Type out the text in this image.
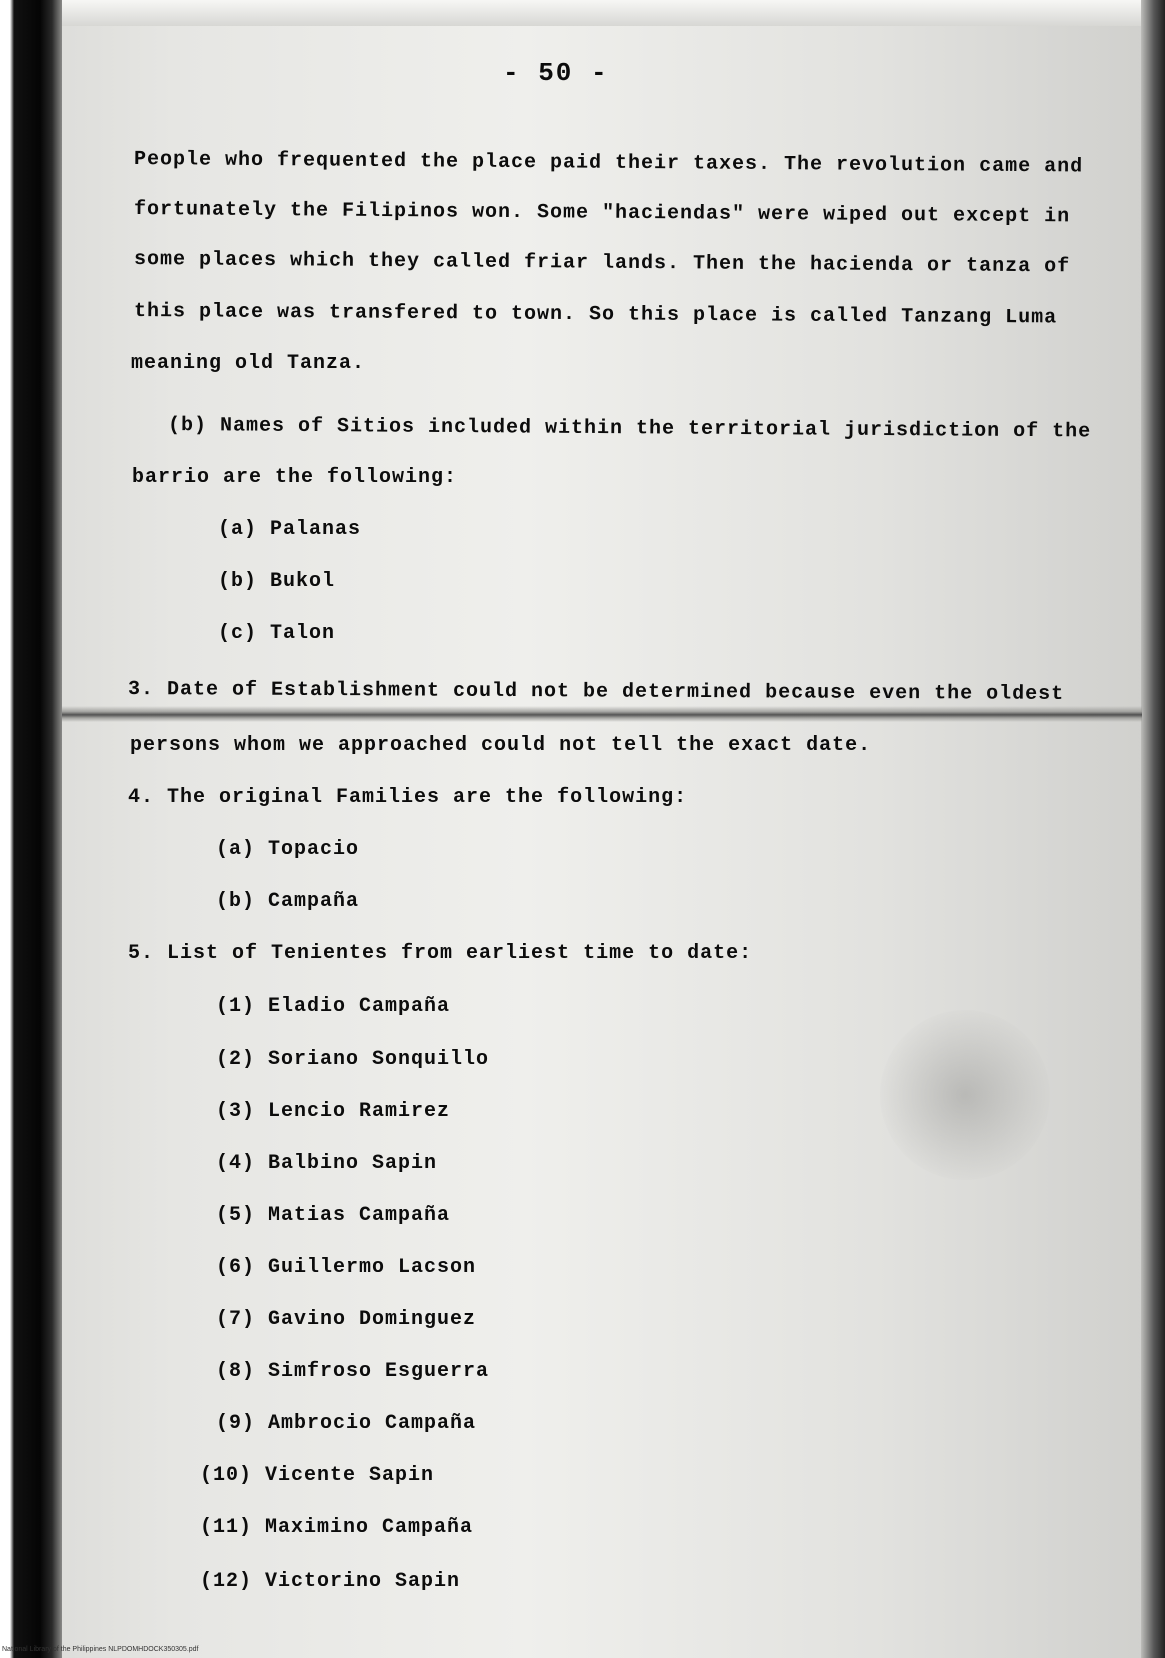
- 50 -
People who frequented the place paid their taxes. The revolution came and
fortunately the Filipinos won. Some "haciendas" were wiped out except in
some places which they called friar lands. Then the hacienda or tanza of
this place was transfered to town. So this place is called Tanzang Luma
meaning old Tanza.
(b) Names of Sitios included within the territorial jurisdiction of the
barrio are the following:
(a) Palanas
(b) Bukol
(c) Talon
3. Date of Establishment could not be determined because even the oldest
persons whom we approached could not tell the exact date.
4. The original Families are the following:
(a) Topacio
(b) Campaña
5. List of Tenientes from earliest time to date:
(1) Eladio Campaña
(2) Soriano Sonquillo
(3) Lencio Ramirez
(4) Balbino Sapin
(5) Matias Campaña
(6) Guillermo Lacson
(7) Gavino Dominguez
(8) Simfroso Esguerra
(9) Ambrocio Campaña
(10) Vicente Sapin
(11) Maximino Campaña
(12) Victorino Sapin
National Library of the Philippines NLPDOMHDOCK350305.pdf
